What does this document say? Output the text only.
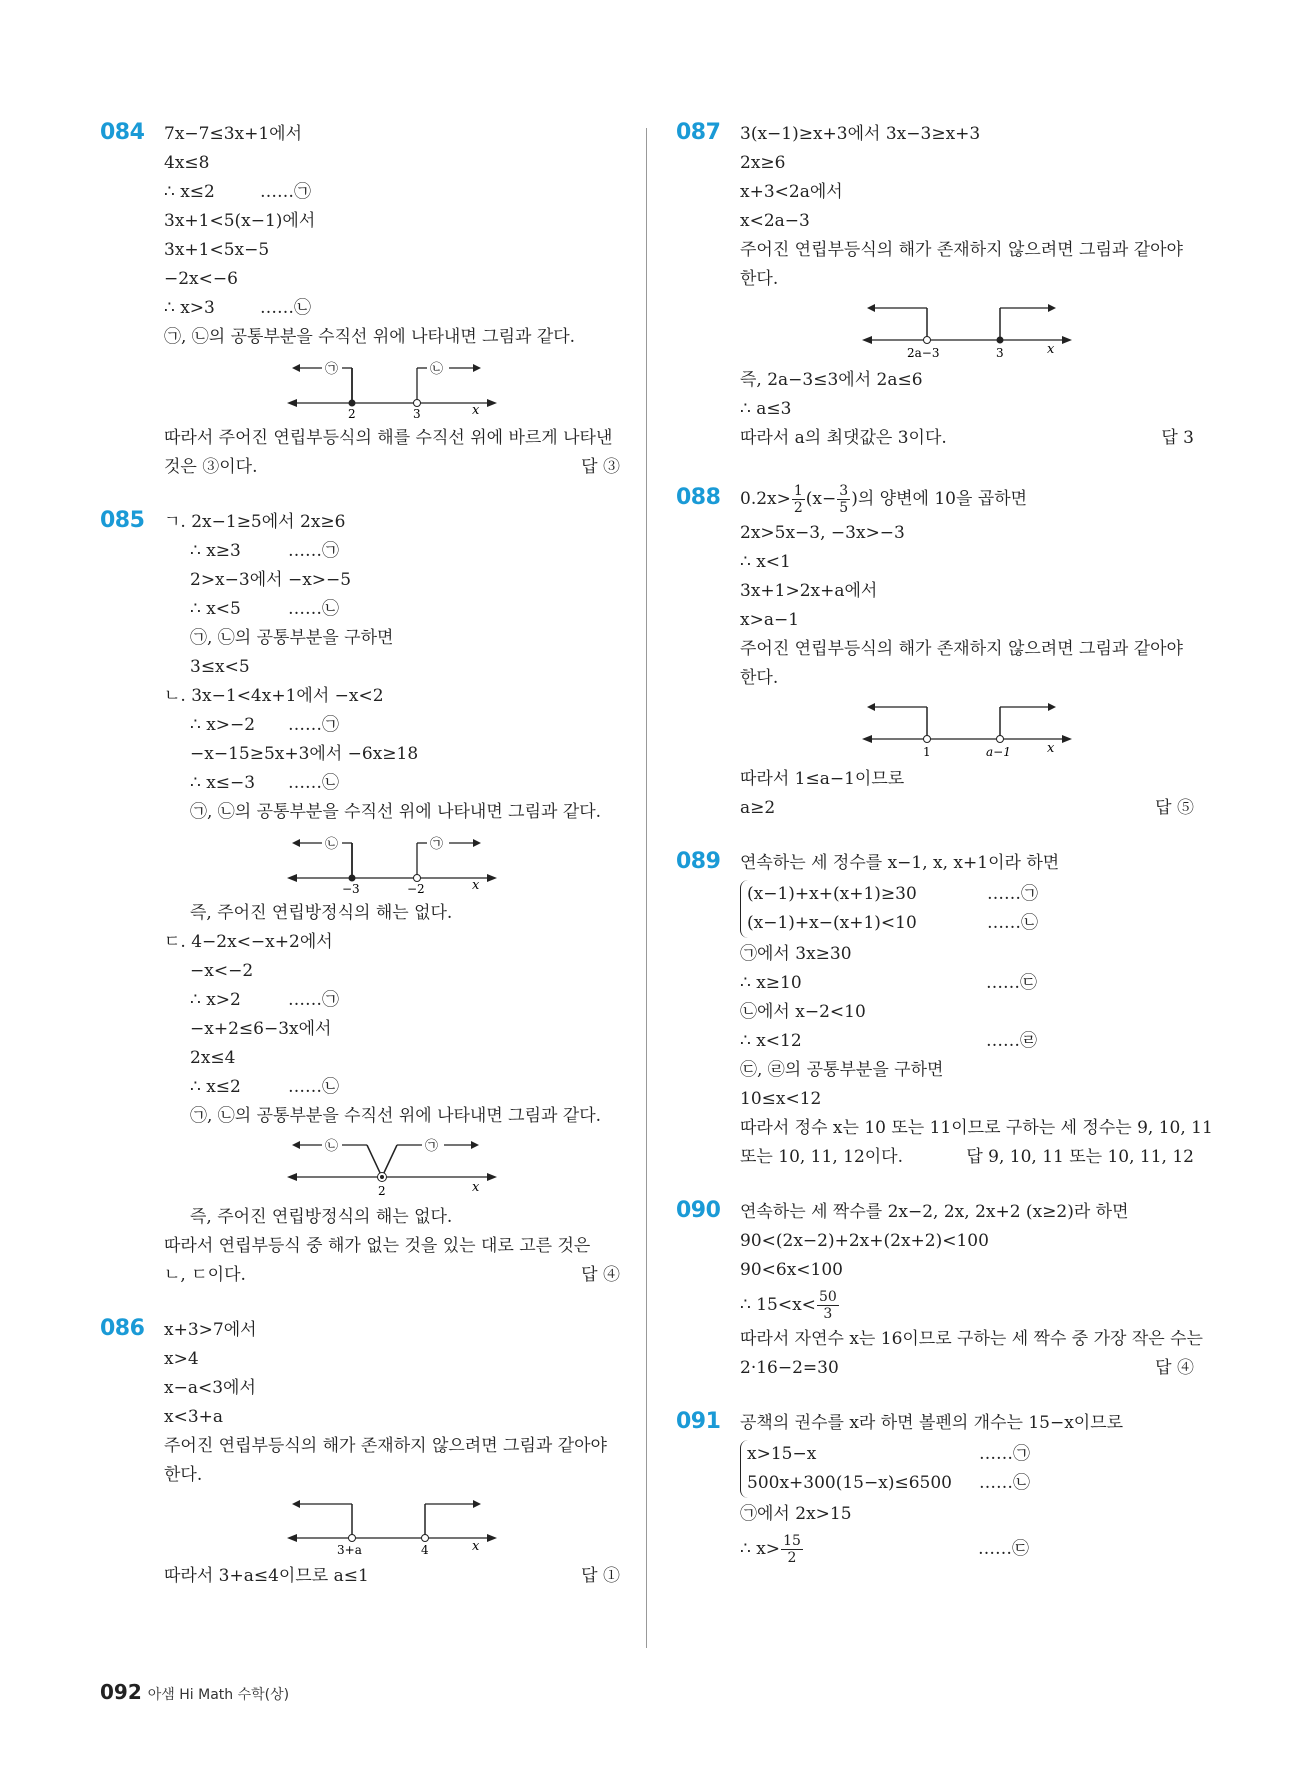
084 7x−7≤3x+1에서
4x≤8
∴ x≤2	……㉠
3x+1<5(x−1)에서
3x+1<5x−5
−2x<−6
∴ x>3	……㉡
㉠, ㉡의 공통부분을 수직선 위에 나타내면 그림과 같다.
㉠	㉡
2	3	x
따라서 주어진 연립부등식의 해를 수직선 위에 바르게 나타낸
것은 ③이다.	답 ③
085 ㄱ. 2x−1≥5에서 2x≥6
∴ x≥3	……㉠
2>x−3에서 −x>−5
∴ x<5	……㉡
㉠, ㉡의 공통부분을 구하면
3≤x<5
ㄴ. 3x−1<4x+1에서 −x<2
∴ x>−2 ……㉠
−x−15≥5x+3에서 −6x≥18
∴ x≤−3 ……㉡
㉠, ㉡의 공통부분을 수직선 위에 나타내면 그림과 같다.
㉡	㉠
−3	−2	x
즉, 주어진 연립방정식의 해는 없다.
ㄷ. 4−2x<−x+2에서
−x<−2
∴ x>2	……㉠
−x+2≤6−3x에서
2x≤4
∴ x≤2	……㉡
㉠, ㉡의 공통부분을 수직선 위에 나타내면 그림과 같다.
㉡	㉠
2	x
즉, 주어진 연립방정식의 해는 없다.
따라서 연립부등식 중 해가 없는 것을 있는 대로 고른 것은
ㄴ, ㄷ이다.	답 ④
086 x+3>7에서
x>4
x−a<3에서
x<3+a
주어진 연립부등식의 해가 존재하지 않으려면 그림과 같아야
한다.
3+a	4	x
따라서 3+a≤4이므로 a≤1	답 ①
087 3(x−1)≥x+3에서 3x−3≥x+3
2x≥6
x+3<2a에서
x<2a−3
주어진 연립부등식의 해가 존재하지 않으려면 그림과 같아야
한다.
2a−3	3	x
즉, 2a−3≤3에서 2a≤6
∴ a≤3
따라서 a의 최댓값은 3이다.	답 3
088 $0.2x> \frac{1}{2} (x- \frac{3}{5}$ )의 양변에 10을 곱하면
2x>5x−3, −3x>−3
∴ x<1
3x+1>2x+a에서
x>a−1
주어진 연립부등식의 해가 존재하지 않으려면 그림과 같아야
한다.
1	a−1	x
따라서 1≤a−1이므로
a≥2	답 ⑤
089 연속하는 세 정수를 x−1, x, x+1이라 하면
(x−1)+x+(x+1)≥30	……㉠
(x−1)+x−(x+1)<10	……㉡
㉠에서 3x≥30
∴ x≥10	……㉢
㉡에서 x−2<10
∴ x<12	……㉣
㉢, ㉣의 공통부분을 구하면
10≤x<12
따라서 정수 x는 10 또는 11이므로 구하는 세 정수는 9, 10, 11
또는 10, 11, 12이다.	답 9, 10, 11 또는 10, 11, 12
090 연속하는 세 짝수를 2x−2, 2x, 2x+2 (x≥2)라 하면
90<(2x−2)+2x+(2x+2)<100
90<6x<100
∴ $15<x< \frac{50}{3}$
따라서 자연수 x는 16이므로 구하는 세 짝수 중 가장 작은 수는
2·16−2=30	답 ④
091 공책의 권수를 x라 하면 볼펜의 개수는 15−x이므로
x>15−x	……㉠
500x+300(15−x)≤6500 ……㉡
㉠에서 2x>15
∴ $x> \frac{15}{2}$	……㉢
092 아샘 Hi Math 수학(상)
